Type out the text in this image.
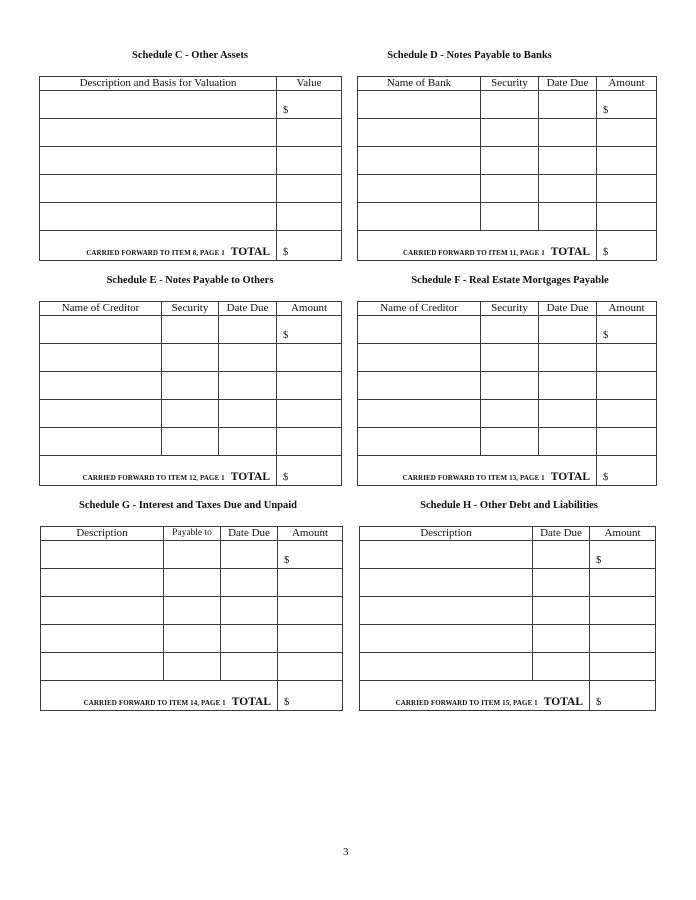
Schedule C - Other Assets
Description and Basis for Valuation	Value
	$

CARRIED FORWARD TO ITEM 8, PAGE 1 TOTAL	$
Schedule D - Notes Payable to Banks
Name of Bank	Security	Date Due	Amount
			$

CARRIED FORWARD TO ITEM 11, PAGE 1 TOTAL			$
Schedule E - Notes Payable to Others
Name of Creditor	Security	Date Due	Amount
			$

CARRIED FORWARD TO ITEM 12, PAGE 1 TOTAL			$
Schedule F - Real Estate Mortgages Payable
Name of Creditor	Security	Date Due	Amount
			$

CARRIED FORWARD TO ITEM 13, PAGE 1 TOTAL			$
Schedule G - Interest and Taxes Due and Unpaid
Description	Payable to	Date Due	Amount
			$

CARRIED FORWARD TO ITEM 14, PAGE 1 TOTAL			$
Schedule H - Other Debt and Liabilities
Description	Date Due	Amount
		$

CARRIED FORWARD TO ITEM 15, PAGE 1 TOTAL		$
3
